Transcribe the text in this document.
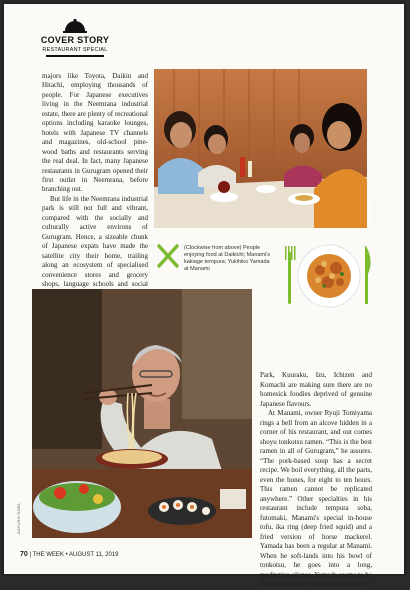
COVER STORY
RESTAURANT SPECIAL

majors like Toyota, Daikin and Hitachi, employing thousands of people. For Japanese executives living in the Neemrana industrial estate, there are plenty of recreational options including karaoke lounges, hotels with Japanese TV channels and magazines, old-school pine-wood baths and restaurants serving the real deal. In fact, many Japanese restaurants in Gurugram opened their first outlet in Neemrana, before branching out.

But life in the Neemrana industrial park is still not full and vibrant, compared with the socially and culturally active environs of Gurugram. Hence, a sizeable chunk of Japanese expats have made the satellite city their home, trailing along an ecosystem of specialised convenience stores and grocery shops, language schools and social

AAYUSH GOEL
(Clockwise from above) People enjoying food at Daikichi; Manami's kakiage tempura; Yukihiko Yamada at Manami
AAYUSH GOEL

Park, Kuuraku, Izu, Ichizen and Komachi are making sure there are no homesick foodies deprived of genuine Japanese flavours.

At Manami, owner Ryuji Tomiyama rings a bell from an alcove hidden in a corner of his restaurant, and out comes shoyu tonkotsu ramen. “This is the best ramen in all of Gurugram,” he assures. “The pork-based soup has a secret recipe. We boil everything, all the parts, even the bones, for eight to ten hours. This ramen cannot be replicated anywhere.” Other specialties in his restaurant include tempura soba, futomaki, Manami's special in-house tofu, ika ring (deep fried squid) and a fried version of horse mackerel. Yamada has been a regular at Manami. When he soft-lands into his bowl of tonkotsu, he goes into a long, meditative silence. Yamada seems to be floating in space, in a faraway land. ●

70 | THE WEEK • AUGUST 11, 2019
